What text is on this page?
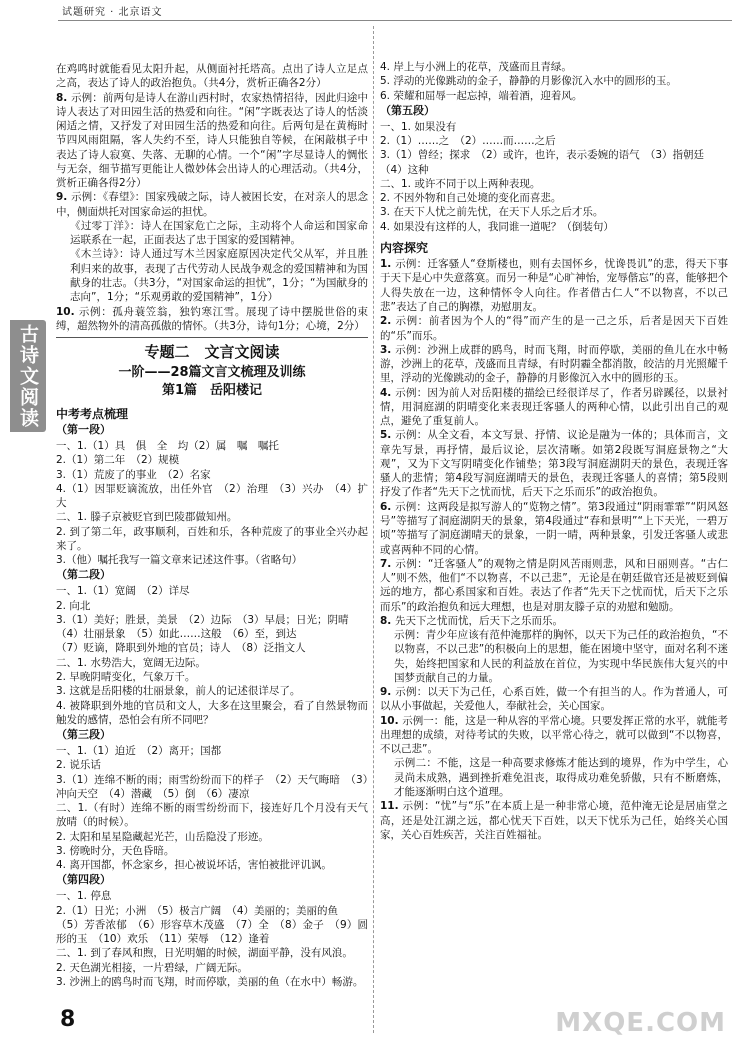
试题研究 · 北京语文
古诗文阅读

在鸡鸣时就能看见太阳升起，从侧面衬托塔高。点出了诗人立足点之高，表达了诗人的政治抱负。（共4分，赏析正确各2分）

8. 示例：前两句是诗人在游山西村时，农家热情招待，因此归途中诗人表达了对田园生活的热爱和向往。“闲”字既表达了诗人的恬淡闲适之情，又抒发了对田园生活的热爱和向往。后两句是在黄梅时节四风雨阻隔，客人失约不至，诗人只能独自等候，在闲敲棋子中表达了诗人寂寞、失落、无聊的心情。一个“闲”字尽显诗人的惆怅与无奈，细节描写更能让人微妙体会出诗人的心理活动。（共4分，赏析正确各得2分）

9. 示例：《春望》：国家残破之际，诗人被困长安，在对亲人的思念中，侧面烘托对国家命运的担忧。

《过零丁洋》：诗人在国家危亡之际，主动将个人命运和国家命运联系在一起，正面表达了忠于国家的爱国精神。

《木兰诗》：诗人通过写木兰因家庭原因决定代父从军，并且胜利归来的故事，表现了古代劳动人民战争观念的爱国精神和为国献身的壮志。（共3分，“对国家命运的担忧”，1分；“为国献身的志向”，1分；“乐观勇敢的爱国精神”，1分）

10. 示例：孤舟蓑笠翁，独钓寒江雪。展现了诗中摆脱世俗的束缚，超然物外的清高孤傲的情怀。（共3分，诗句1分；心境，2分）

专题二　文言文阅读
一阶——28篇文言文梳理及训练
第1篇　岳阳楼记
中考考点梳理
（第一段）

一、1.（1）具　俱　全　均（2）属　嘱　嘱托

2.（1）第二年　（2）规模

3.（1）荒废了的事业　（2）名家

4.（1）因罪贬谪流放，出任外官　（2）治理　（3）兴办　（4）扩大

二、1. 滕子京被贬官到巴陵郡做知州。

2. 到了第二年，政事顺利，百姓和乐，各种荒废了的事业全兴办起来了。

3.（他）嘱托我写一篇文章来记述这件事。（省略句）

（第二段）

一、1.（1）宽阔　（2）详尽

2. 向北

3.（1）美好；胜景，美景　（2）边际　（3）早晨；日光；阴晴

（4）壮丽景象　（5）如此……这般　（6）至，到达

（7）贬谪，降职到外地的官员；诗人　（8）泛指文人

二、1. 水势浩大，宽阔无边际。

2. 早晚阴晴变化，气象万千。

3. 这就是岳阳楼的壮丽景象，前人的记述很详尽了。

4. 被降职到外地的官员和文人，大多在这里聚会，看了自然景物而触发的感情，恐怕会有所不同吧？

（第三段）

一、1.（1）迫近　（2）离开；国都

2. 说乐话

3.（1）连绵不断的雨；雨雪纷纷而下的样子　（2）天气晦暗　（3）冲向天空　（4）潜藏　（5）倒　（6）凄凉

二、1.（有时）连绵不断的雨雪纷纷而下，接连好几个月没有天气放晴（的时候）。

2. 太阳和星星隐藏起光芒，山岳隐没了形迹。

3. 傍晚时分，天色昏暗。

4. 离开国都，怀念家乡，担心被说坏话，害怕被批评讥讽。

（第四段）

一、1. 停息

2.（1）日光；小洲　（5）极言广阔　（4）美丽的；美丽的鱼

（5）芳香浓郁　（6）形容草木茂盛　（7）全　（8）金子　（9）圆形的玉　（10）欢乐　（11）荣辱　（12）逢着

二、1. 到了春风和煦，日光明媚的时候，湖面平静，没有风浪。

2. 天色湖光相接，一片碧绿，广阔无际。

3. 沙洲上的鸥鸟时而飞翔，时而停歇，美丽的鱼（在水中）畅游。

4. 岸上与小洲上的花草，茂盛而且青绿。

5. 浮动的光像跳动的金子，静静的月影像沉入水中的圆形的玉。

6. 荣耀和屈辱一起忘掉，端着酒，迎着风。

（第五段）

一、1. 如果没有

2.（1）……之　（2）……而……之后

3.（1）曾经；探求　（2）或许，也许，表示委婉的语气　（3）指朝廷

（4）这种

二、1. 或许不同于以上两种表现。

2. 不因外物和自己处境的变化而喜悲。

3. 在天下人忧之前先忧，在天下人乐之后才乐。

4. 如果没有这样的人，我同谁一道呢？（倒装句）

内容探究

1. 示例：迁客骚人“登斯楼也，则有去国怀乡，忧谗畏讥”的悲，得天下事于天下是心中失意落寞。而另一种是“心旷神怡，宠辱偕忘”的喜，能够把个人得失放在一边，这种情怀令人向往。作者借古仁人“不以物喜，不以己悲”表达了自己的胸襟，劝慰朋友。

2. 示例：前者因为个人的“得”而产生的是一己之乐，后者是因天下百姓的“乐”而乐。

3. 示例：沙洲上成群的鸥鸟，时而飞翔，时而停歇，美丽的鱼儿在水中畅游，沙洲上的花草，茂盛而且青绿，有时阴霾全都消散，皎洁的月光照耀千里，浮动的光像跳动的金子，静静的月影像沉入水中的圆形的玉。

4. 示例：因为前人对岳阳楼的描绘已经很详尽了，作者另辟蹊径，以景衬情，用洞庭湖的阴晴变化来表现迁客骚人的两种心情，以此引出自己的观点，避免了重复前人。

5. 示例：从全文看，本文写景、抒情、议论是融为一体的；具体而言，文章先写景，再抒情，最后议论，层次清晰。如第2段既写洞庭景物之“大观”，又为下文写阴晴变化作铺垫；第3段写洞庭湖阴天的景色，表现迁客骚人的悲情；第4段写洞庭湖晴天的景色，表现迁客骚人的喜情；第5段则抒发了作者“先天下之忧而忧，后天下之乐而乐”的政治抱负。

6. 示例：这两段是拟写游人的“览物之情”。第3段通过“阴雨霏霏”“阴风怒号”等描写了洞庭湖阴天的景象，第4段通过“春和景明”“上下天光，一碧万顷”等描写了洞庭湖晴天的景象，一阴一晴，两种景象，引发迁客骚人或悲或喜两种不同的心情。

7. 示例：“迁客骚人”的观物之情是阴风苦雨则悲，风和日丽则喜。“古仁人”则不然，他们“不以物喜，不以己悲”，无论是在朝廷做官还是被贬到偏远的地方，都心系国家和百姓。表达了作者“先天下之忧而忧，后天下之乐而乐”的政治抱负和远大理想，也是对朋友滕子京的劝慰和勉励。

8. 先天下之忧而忧，后天下之乐而乐。

示例：青少年应该有范仲淹那样的胸怀，以天下为己任的政治抱负，“不以物喜，不以己悲”的积极向上的思想，能在困境中坚守，面对名利不迷失，始终把国家和人民的利益放在首位，为实现中华民族伟大复兴的中国梦贡献自己的力量。

9. 示例：以天下为己任，心系百姓，做一个有担当的人。作为普通人，可以从小事做起，关爱他人，奉献社会，关心国家。

10. 示例一：能，这是一种从容的平常心境。只要发挥正常的水平，就能考出理想的成绩，对待考试的失败，以平常心待之，就可以做到“不以物喜，不以己悲”。

示例二：不能，这是一种高要求修炼才能达到的境界，作为中学生，心灵尚未成熟，遇到挫折难免沮丧，取得成功难免骄傲，只有不断磨炼，才能逐渐明白这个道理。

11. 示例：“忧”与“乐”在本质上是一种非常心境，范仲淹无论是居庙堂之高，还是处江湖之远，都心忧天下百姓，以天下忧乐为己任，始终关心国家，关心百姓疾苦，关注百姓福祉。

8	MXQE.COM
